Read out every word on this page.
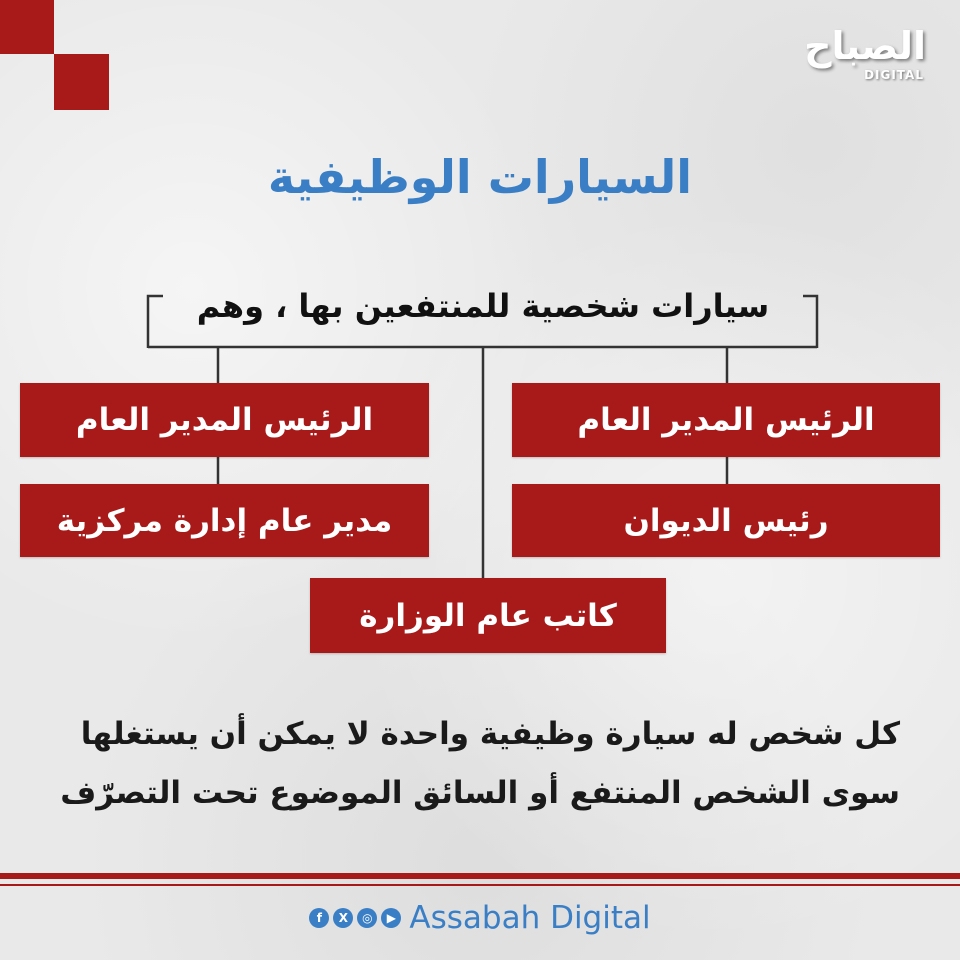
الصباح
DIGITAL
السيارات الوظيفية
سيارات شخصية للمنتفعين بها ، وهم
الرئيس المدير العام
رئيس الديوان
الرئيس المدير العام
مدير عام إدارة مركزية
كاتب عام الوزارة
كل شخص له سيارة وظيفية واحدة لا يمكن أن يستغلها
سوى الشخص المنتفع أو السائق الموضوع تحت التصرّف
f	X	◎	▶ Assabah Digital
